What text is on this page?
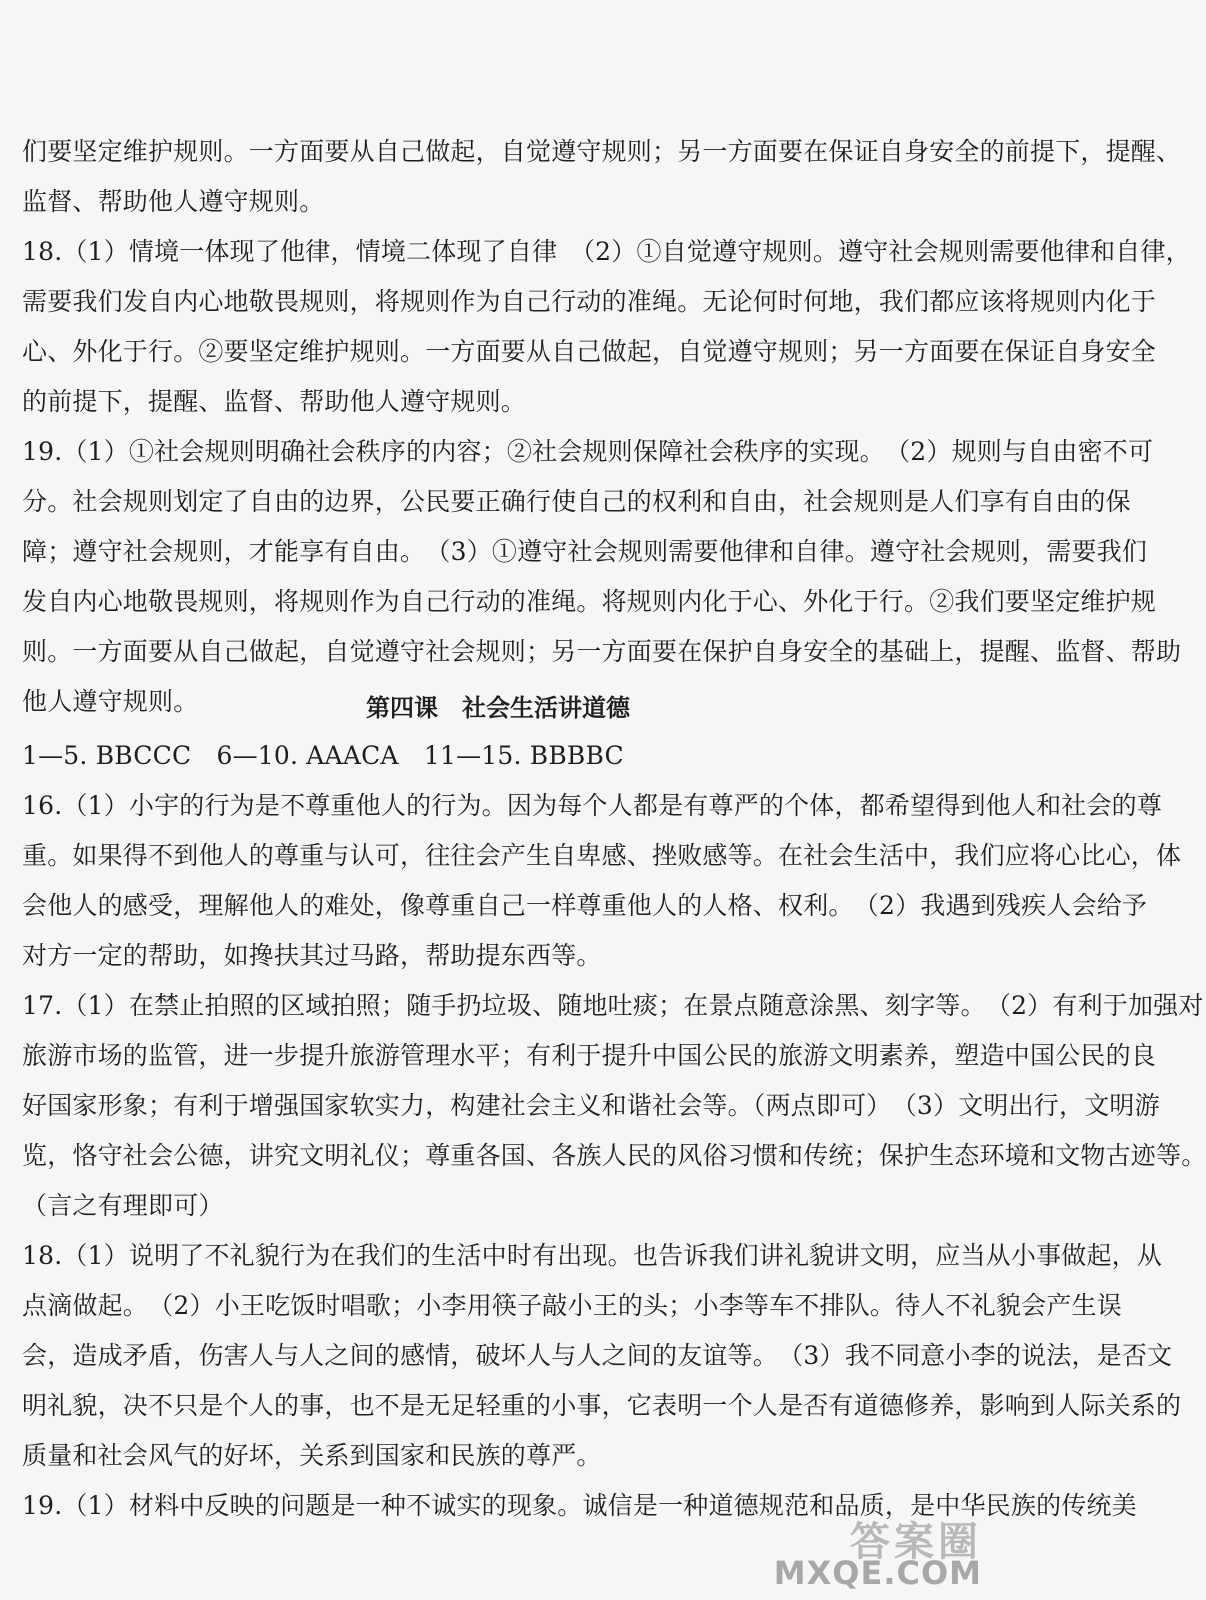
们要坚定维护规则。一方面要从自己做起，自觉遵守规则；另一方面要在保证自身安全的前提下，提醒、
监督、帮助他人遵守规则。
18.（1）情境一体现了他律，情境二体现了自律　（2）①自觉遵守规则。遵守社会规则需要他律和自律，
需要我们发自内心地敬畏规则，将规则作为自己行动的准绳。无论何时何地，我们都应该将规则内化于
心、外化于行。②要坚定维护规则。一方面要从自己做起，自觉遵守规则；另一方面要在保证自身安全
的前提下，提醒、监督、帮助他人遵守规则。
19.（1）①社会规则明确社会秩序的内容；②社会规则保障社会秩序的实现。　（2）规则与自由密不可
分。社会规则划定了自由的边界，公民要正确行使自己的权利和自由，社会规则是人们享有自由的保
障；遵守社会规则，才能享有自由。　（3）①遵守社会规则需要他律和自律。遵守社会规则，需要我们
发自内心地敬畏规则，将规则作为自己行动的准绳。将规则内化于心、外化于行。②我们要坚定维护规
则。一方面要从自己做起，自觉遵守社会规则；另一方面要在保护自身安全的基础上，提醒、监督、帮助
他人遵守规则。	第四课　社会生活讲道德
1—5. BBCCC　6—10. AAACA　11—15. BBBBC
16.（1）小宇的行为是不尊重他人的行为。因为每个人都是有尊严的个体，都希望得到他人和社会的尊
重。如果得不到他人的尊重与认可，往往会产生自卑感、挫败感等。在社会生活中，我们应将心比心，体
会他人的感受，理解他人的难处，像尊重自己一样尊重他人的人格、权利。　（2）我遇到残疾人会给予
对方一定的帮助，如搀扶其过马路，帮助提东西等。
17.（1）在禁止拍照的区域拍照；随手扔垃圾、随地吐痰；在景点随意涂黑、刻字等。　（2）有利于加强对
旅游市场的监管，进一步提升旅游管理水平；有利于提升中国公民的旅游文明素养，塑造中国公民的良
好国家形象；有利于增强国家软实力，构建社会主义和谐社会等。（两点即可）　（3）文明出行，文明游
览，恪守社会公德，讲究文明礼仪；尊重各国、各族人民的风俗习惯和传统；保护生态环境和文物古迹等。
（言之有理即可）
18.（1）说明了不礼貌行为在我们的生活中时有出现。也告诉我们讲礼貌讲文明，应当从小事做起，从
点滴做起。　（2）小王吃饭时唱歌；小李用筷子敲小王的头；小李等车不排队。待人不礼貌会产生误
会，造成矛盾，伤害人与人之间的感情，破坏人与人之间的友谊等。　（3）我不同意小李的说法，是否文
明礼貌，决不只是个人的事，也不是无足轻重的小事，它表明一个人是否有道德修养，影响到人际关系的
质量和社会风气的好坏，关系到国家和民族的尊严。
19.（1）材料中反映的问题是一种不诚实的现象。诚信是一种道德规范和品质，是中华民族的传统美
答案圈
MXQE.COM
